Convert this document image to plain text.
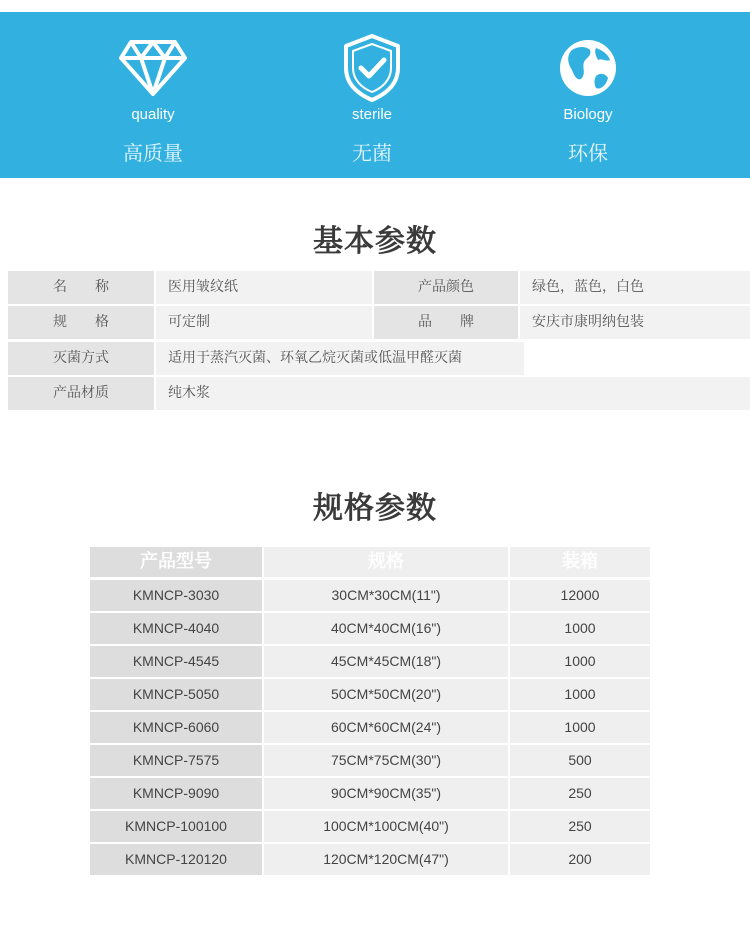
quality
高质量
sterile
无菌
Biology
环保
基本参数
名　　称	医用皱纹纸	产品颜色	绿色，蓝色，白色
规　　格	可定制	品　　牌	安庆市康明纳包装
灭菌方式	适用于蒸汽灭菌、环氧乙烷灭菌或低温甲醛灭菌
产品材质	纯木浆
规格参数
产品型号	规格	装箱
KMNCP-3030	30CM*30CM(11")	12000
KMNCP-4040	40CM*40CM(16")	1000
KMNCP-4545	45CM*45CM(18")	1000
KMNCP-5050	50CM*50CM(20")	1000
KMNCP-6060	60CM*60CM(24")	1000
KMNCP-7575	75CM*75CM(30")	500
KMNCP-9090	90CM*90CM(35")	250
KMNCP-100100	100CM*100CM(40")	250
KMNCP-120120	120CM*120CM(47")	200
